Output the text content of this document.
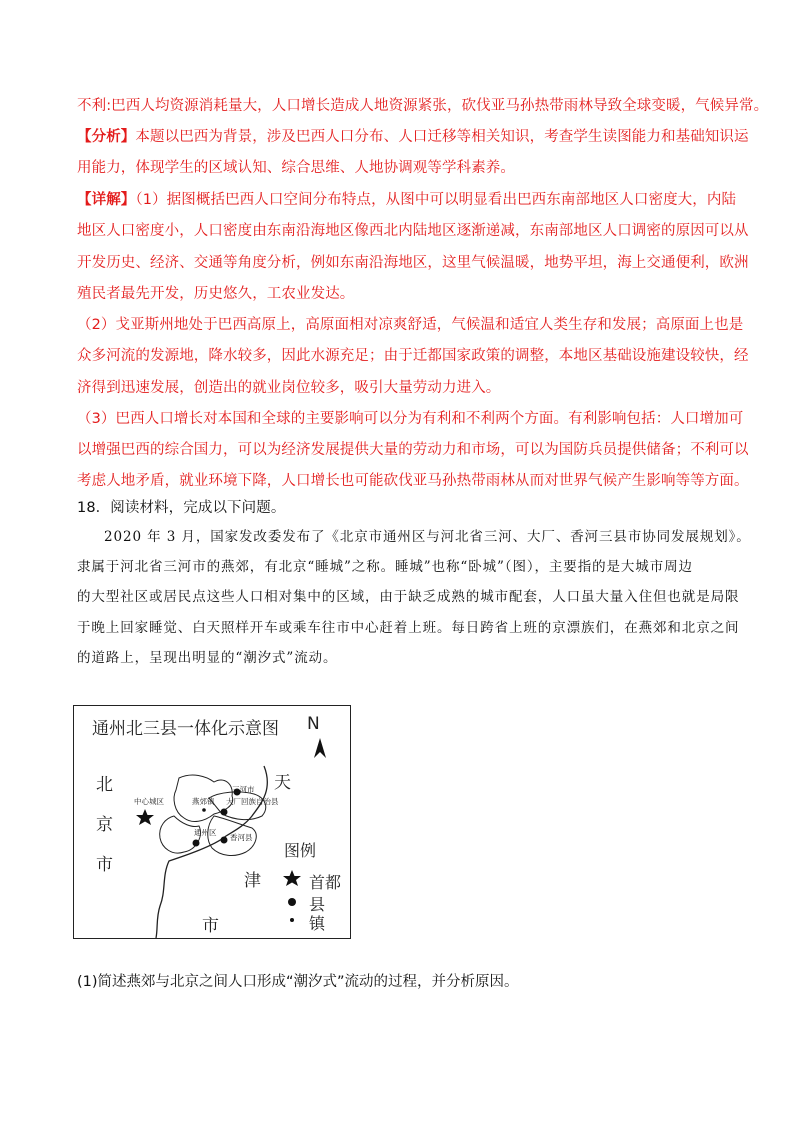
不利:巴西人均资源消耗量大，人口增长造成人地资源紧张，砍伐亚马孙热带雨林导致全球变暖，气候异常。
【分析】本题以巴西为背景，涉及巴西人口分布、人口迁移等相关知识，考查学生读图能力和基础知识运
用能力，体现学生的区域认知、综合思维、人地协调观等学科素养。
【详解】（1）据图概括巴西人口空间分布特点，从图中可以明显看出巴西东南部地区人口密度大，内陆
地区人口密度小，人口密度由东南沿海地区像西北内陆地区逐渐递减，东南部地区人口调密的原因可以从
开发历史、经济、交通等角度分析，例如东南沿海地区，这里气候温暖，地势平坦，海上交通便利，欧洲
殖民者最先开发，历史悠久，工农业发达。
（2）戈亚斯州地处于巴西高原上，高原面相对凉爽舒适，气候温和适宜人类生存和发展；高原面上也是
众多河流的发源地，降水较多，因此水源充足；由于迁都国家政策的调整，本地区基础设施建设较快，经
济得到迅速发展，创造出的就业岗位较多，吸引大量劳动力进入。
（3）巴西人口增长对本国和全球的主要影响可以分为有利和不利两个方面。有利影响包括：人口增加可
以增强巴西的综合国力，可以为经济发展提供大量的劳动力和市场，可以为国防兵员提供储备；不利可以
考虑人地矛盾，就业环境下降，人口增长也可能砍伐亚马孙热带雨林从而对世界气候产生影响等等方面。
18．阅读材料，完成以下问题。
2020 年 3 月，国家发改委发布了《北京市通州区与河北省三河、大厂、香河三县市协同发展规划》。
隶属于河北省三河市的燕郊，有北京“睡城”之称。睡城”也称“卧城”（图），主要指的是大城市周边
的大型社区或居民点这些人口相对集中的区域，由于缺乏成熟的城市配套，人口虽大量入住但也就是局限
于晚上回家睡觉、白天照样开车或乘车往市中心赶着上班。每日跨省上班的京漂族们，在燕郊和北京之间
的道路上，呈现出明显的“潮汐式”流动。
通州北三县一体化示意图 N
北
京
市
天
津
市
中心城区	燕郊镇
三河市
大厂回族自治县
通州区
香河县
图例
首都
县
镇
(1)简述燕郊与北京之间人口形成“潮汐式”流动的过程，并分析原因。
